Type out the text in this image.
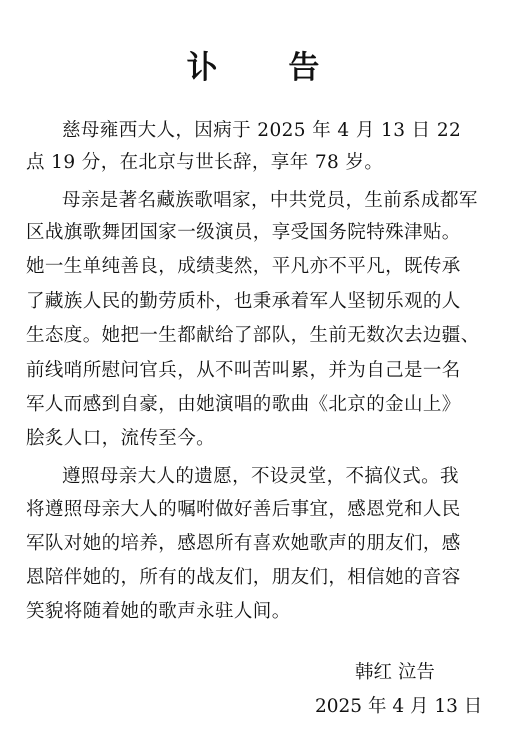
讣 告
慈母雍西大人，因病于 2025 年 4 月 13 日 22
点 19 分，在北京与世长辞，享年 78 岁。
母亲是著名藏族歌唱家，中共党员，生前系成都军
区战旗歌舞团国家一级演员，享受国务院特殊津贴。
她一生单纯善良，成绩斐然，平凡亦不平凡，既传承
了藏族人民的勤劳质朴，也秉承着军人坚韧乐观的人
生态度。她把一生都献给了部队，生前无数次去边疆、
前线哨所慰问官兵，从不叫苦叫累，并为自己是一名
军人而感到自豪，由她演唱的歌曲《北京的金山上》
脍炙人口，流传至今。
遵照母亲大人的遗愿，不设灵堂，不搞仪式。我
将遵照母亲大人的嘱咐做好善后事宜，感恩党和人民
军队对她的培养，感恩所有喜欢她歌声的朋友们，感
恩陪伴她的，所有的战友们，朋友们，相信她的音容
笑貌将随着她的歌声永驻人间。
韩红 泣告
2025 年 4 月 13 日
